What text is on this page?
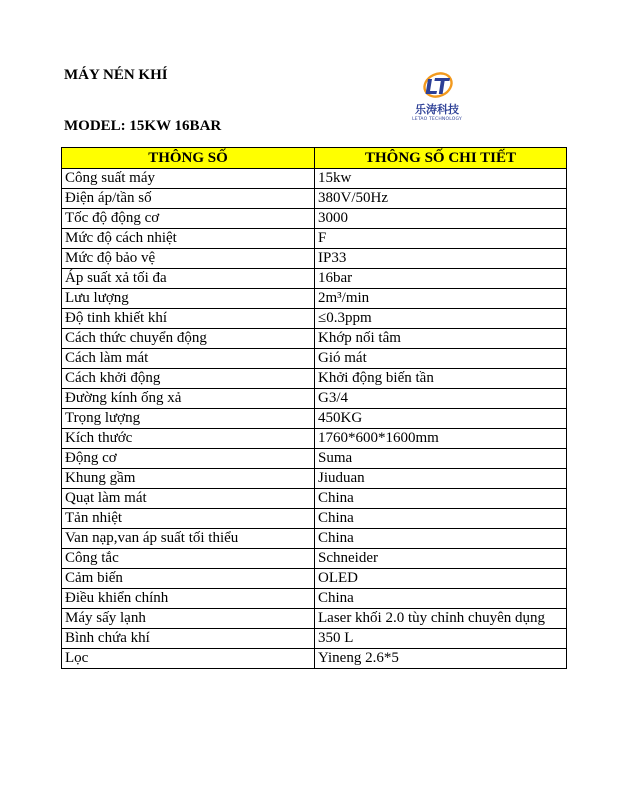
MÁY NÉN KHÍ
MODEL: 15KW 16BAR
乐涛科技
LETAO TECHNOLOGY
THÔNG SỐ	THÔNG SỐ CHI TIẾT
Công suất máy	15kw
Điện áp/tần số	380V/50Hz
Tốc độ động cơ	3000
Mức độ cách nhiệt	F
Mức độ bảo vệ	IP33
Áp suất xả tối đa	16bar
Lưu lượng	2m³/min
Độ tinh khiết khí	≤0.3ppm
Cách thức chuyển động	Khớp nối tâm
Cách làm mát	Gió mát
Cách khởi động	Khởi động biến tần
Đường kính ống xả	G3/4
Trọng lượng	450KG
Kích thước	1760*600*1600mm
Động cơ	Suma
Khung gầm	Jiuduan
Quạt làm mát	China
Tản nhiệt	China
Van nạp,van áp suất tối thiểu	China
Công tắc	Schneider
Cảm biến	OLED
Điều khiển chính	China
Máy sấy lạnh	Laser khối 2.0 tùy chỉnh chuyên dụng
Bình chứa khí	350 L
Lọc	Yineng 2.6*5
